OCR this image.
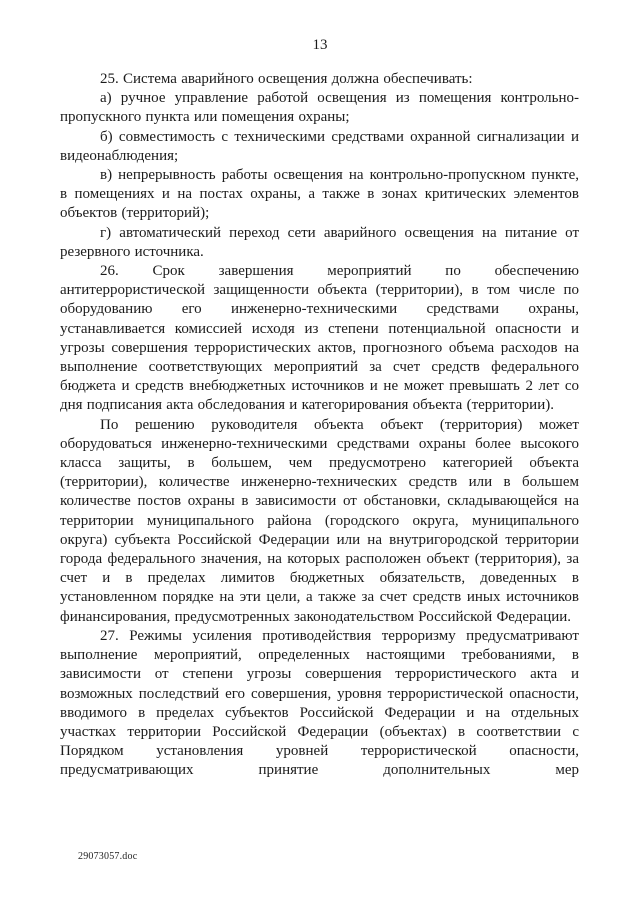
13

25. Система аварийного освещения должна обеспечивать:

а) ручное управление работой освещения из помещения контрольно-пропускного пункта или помещения охраны;

б) совместимость с техническими средствами охранной сигнализации и видеонаблюдения;

в) непрерывность работы освещения на контрольно-пропускном пункте, в помещениях и на постах охраны, а также в зонах критических элементов объектов (территорий);

г) автоматический переход сети аварийного освещения на питание от резервного источника.

26. Срок завершения мероприятий по обеспечению антитеррористической защищенности объекта (территории), в том числе по оборудованию его инженерно-техническими средствами охраны, устанавливается комиссией исходя из степени потенциальной опасности и угрозы совершения террористических актов, прогнозного объема расходов на выполнение соответствующих мероприятий за счет средств федерального бюджета и средств внебюджетных источников и не может превышать 2 лет со дня подписания акта обследования и категорирования объекта (территории).

По решению руководителя объекта объект (территория) может оборудоваться инженерно-техническими средствами охраны более высокого класса защиты, в большем, чем предусмотрено категорией объекта (территории), количестве инженерно-технических средств или в большем количестве постов охраны в зависимости от обстановки, складывающейся на территории муниципального района (городского округа, муниципального округа) субъекта Российской Федерации или на внутригородской территории города федерального значения, на которых расположен объект (территория), за счет и в пределах лимитов бюджетных обязательств, доведенных в установленном порядке на эти цели, а также за счет средств иных источников финансирования, предусмотренных законодательством Российской Федерации.

27. Режимы усиления противодействия терроризму предусматривают выполнение мероприятий, определенных настоящими требованиями, в зависимости от степени угрозы совершения террористического акта и возможных последствий его совершения, уровня террористической опасности, вводимого в пределах субъектов Российской Федерации и на отдельных участках территории Российской Федерации (объектах) в соответствии с Порядком установления уровней террористической опасности, предусматривающих принятие дополнительных мер

29073057.doc
